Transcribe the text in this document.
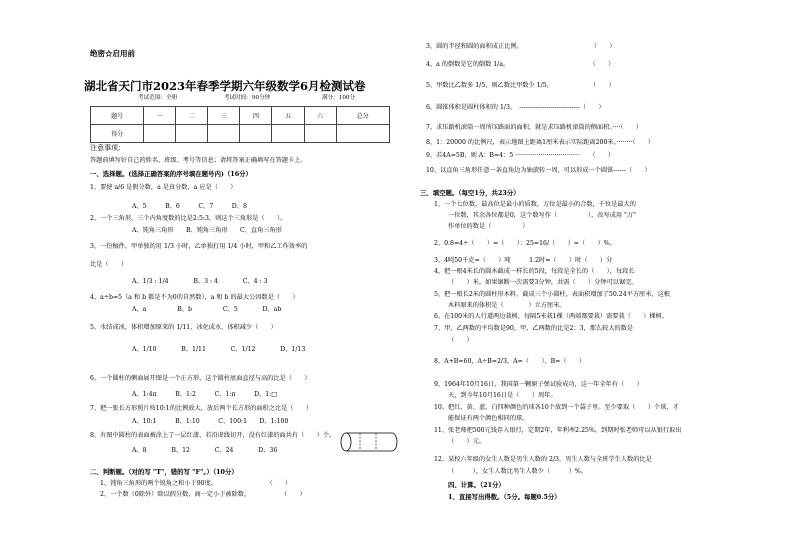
绝密☆启用前
湖北省天门市2023年春季学期六年级数学6月检测试卷
考试范围：全册	考试时间：90分钟	满分：100分
题号	一	二	三	四	五	六	总分
得分							
注意事项：
答题前填写好自己的姓名、班级、考号等信息；请将答案正确填写在答题卡上。
一、选择题。(选择正确答案的序号填在题号内)（16分）
1、要使 a/6 是假分数，a 是真分数，a 应是（　　）
A、5　　　B、6　　　C、7　　　D、8
2、一个三角形，三个内角度数的比是2:5:3，则这个三角形是（　　）。
A、钝角三角形　　B、钝角三角形　　C、直角三角形
3、一份稿件，甲单独的用 1/3 小时，乙单独打用 1/4 小时，甲和乙工作效率的
比是（　　）
A、1/3 : 1/4　　　　B、3 : 4　　　　C、4 : 3
4、a÷b=5（a 和 b 都是不为0的自然数），a 和 b 的最大公因数是（　　）
A、a　　　　　B、b　　　　　C、5　　　　D、ab
5、水结成冰，体积增加原来的 1/11，冰化成水，体积减少（　　）
A、1/10　　　　B、1/11　　　　C、1/12　　　　D、1/13
6、一个圆柱的侧面展开图是一个正方形，这个圆柱底面直径与高的比是（　　）
A、1:4π　　　B、1:2　　　C、1:π　　　D、1:□
7、把一张长方形照片按10:1的比例放大，放后两个长方形的面积之比是（　　）
A、10:1　　　B、1:10　　　C、100:1　　D、1:100
8、有图中圆柱的表面被涂上了一层红漆，若沿虚线切开，没有红漆的面共有（　　）个。
A、8　　　　B、12　　　　C、24　　　　D、36
二、判断题。（对的写 "T"，错的写 "F"。）（10分）
1、钝角三角形的两个锐角之和小于90度。　　　　　　　　　（　　）
2、一个数（0除外）除以假分数，商一定小于被除数。　　　　　　（　　）
3、圆的半径和圆的面积成正比例。　　　　　　　　　　　　（　　）
4、a 的倒数是它的倒数 1/a。　　　　　　　　　　　　　　（　　）
5、甲数比乙数多 1/5，则乙数比甲数少 1/5。　　　　　　　（　　）
6、圆锥体积是圆柱体积的 1/3。　-----------------------------（　　）
7、求压路机滚筒一周所压路面的面积，就是求压路机滚筒的侧面积。····（　　）
8、1：20000 的比例尺，表示地图上距离1厘米表示实际距离200米。········（　　）
9、若4A=5B，则 A：B=4：5 ·································　　（　　）
10、以直角三角形任意一条直角边为轴旋转一周，可以形成一个圆锥------（　　）
三、填空题。（每空1分，共23分）
1、一个七位数，最高位是最小的质数，万位是最小的合数，千位是最大的
一位数，其余各位都是0，这个数写作（　　　　　），改写成用 "万"
作单位的数是（　　　　　）
2、0.8=4÷（　　）=（　　）：25=16/（　　）=（　　）%。
3、4吨50千克=（　　）吨　　　1.2时=（　　）时（　　）分
4、把一根4米长的圆木截成一样长的5段，每段是全长的（　　），每段长
（　　）米。如果锯断一次需要3分钟，共需（　　）分钟可以锯完。
5、把一根长2米的圆柱形木料，截成三个小圆柱，表面积增加了50.24平方厘米，这根
木料原来的体积是（　　　　）立方厘米。
6、在100米的人行道两边栽树，每隔5米栽1棵（两端都要栽）需要栽（　　）棵树。
7、甲、乙两数的平均数是90，甲、乙两数的比是2：3，那么较大的数是
（　　）
8、A+B=60，A÷B=2/3，A=（　　），B=（　　）
9、1964年10月16日，我国第一颗原子弹试验成功，这一年全年有（　　）
天，到今年10月16日是（　　）周年。
10、把红、黄、蓝、白四种颜色的球各10个放到一个袋子里。至少要取（　　）个球，才
能保证有两个颜色相同的球。
11、张老师把500元钱存入银行，定期2年，年利率2.25%，到期时张老师可以从银行取出
（　　）元。
12、某校六年级的女生人数是男生人数的 2/3，男生人数与全班学生人数的比是
（　　　），女生人数比男生人数少（　　　）%。
四、计算。（21分）
1、直接写出得数。（5分。每题0.5分）
